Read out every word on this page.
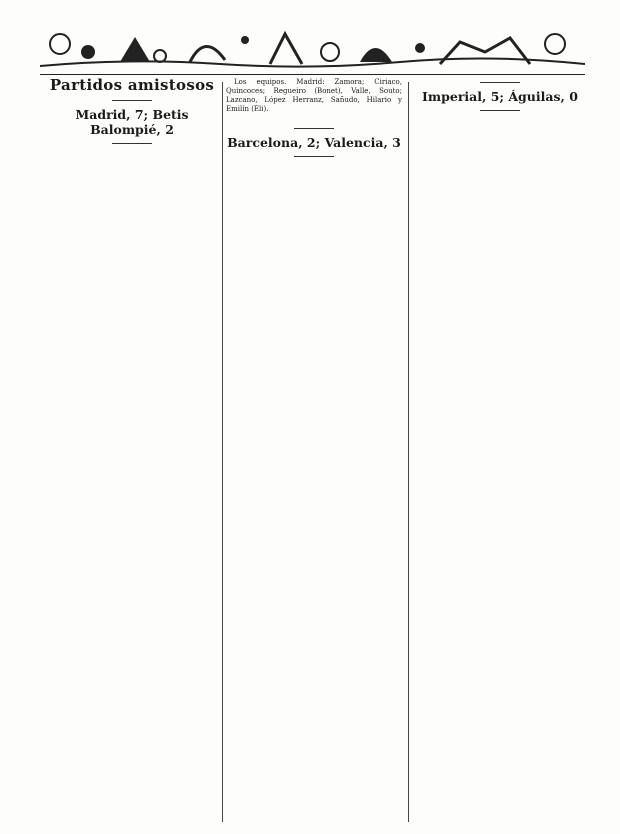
Partidos amistosos
Madrid, 7; Betis Balompié, 2

Los equipos. Madrid: Zamora; Ciriaco, Quincoces; Regueiro (Bonet), Valle, Souto; Lazcano, López Herranz, Sañudo, Hilario y Emilín (Eli).

Barcelona, 2; Valencia, 3

Imperial, 5; Águilas, 0
